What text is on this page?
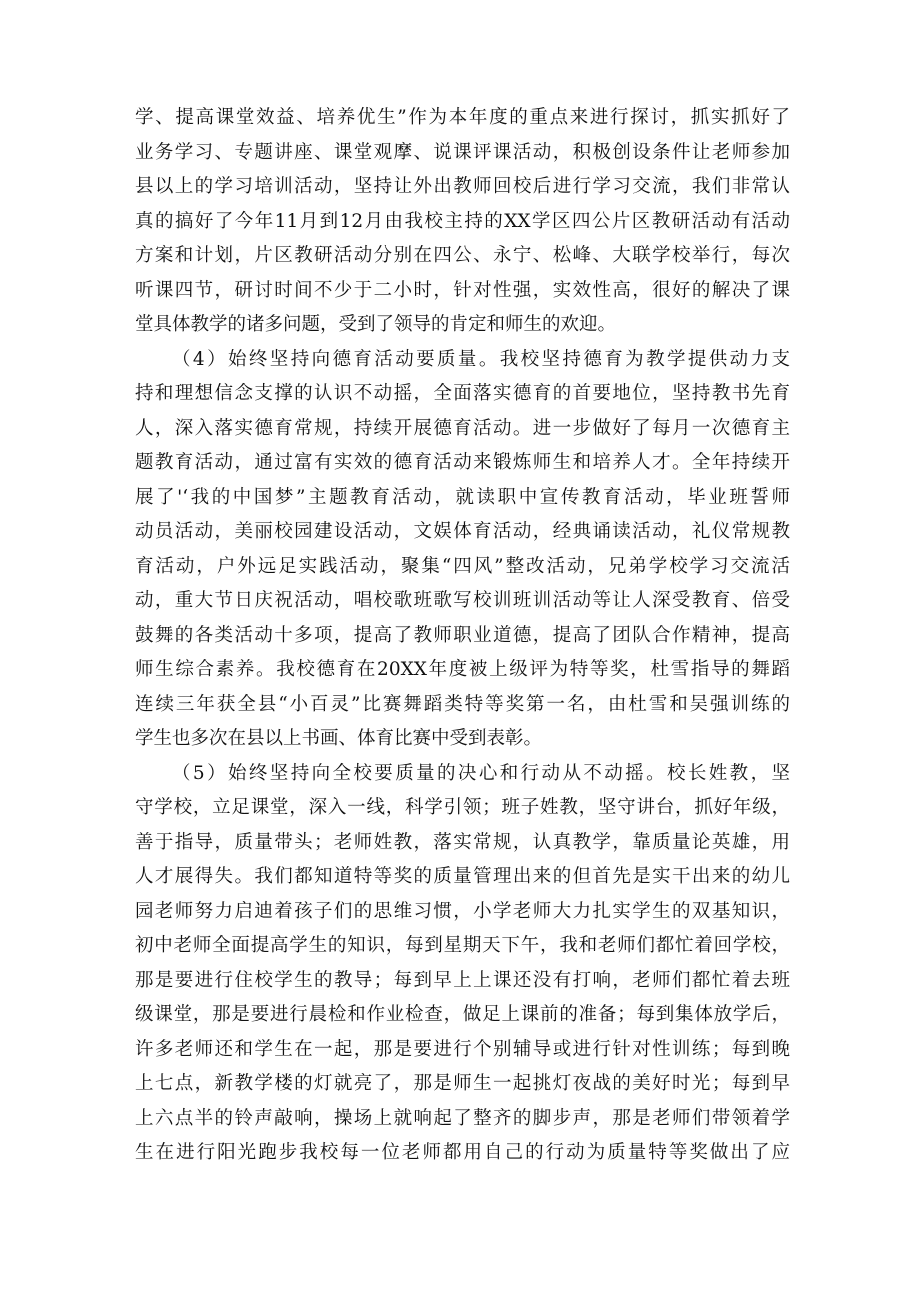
学、提高课堂效益、培养优生”作为本年度的重点来进行探讨，抓实抓好了
业务学习、专题讲座、课堂观摩、说课评课活动，积极创设条件让老师参加
县以上的学习培训活动，坚持让外出教师回校后进行学习交流，我们非常认
真的搞好了今年11月到12月由我校主持的XX学区四公片区教研活动有活动
方案和计划，片区教研活动分别在四公、永宁、松峰、大联学校举行，每次
听课四节，研讨时间不少于二小时，针对性强，实效性高，很好的解决了课
堂具体教学的诸多问题，受到了领导的肯定和师生的欢迎。
（4）始终坚持向德育活动要质量。我校坚持德育为教学提供动力支
持和理想信念支撑的认识不动摇，全面落实德育的首要地位，坚持教书先育
人，深入落实德育常规，持续开展德育活动。进一步做好了每月一次德育主
题教育活动，通过富有实效的德育活动来锻炼师生和培养人才。全年持续开
展了'‘我的中国梦”主题教育活动，就读职中宣传教育活动，毕业班誓师
动员活动，美丽校园建设活动，文娱体育活动，经典诵读活动，礼仪常规教
育活动，户外远足实践活动，聚集“四风”整改活动，兄弟学校学习交流活
动，重大节日庆祝活动，唱校歌班歌写校训班训活动等让人深受教育、倍受
鼓舞的各类活动十多项，提高了教师职业道德，提高了团队合作精神，提高
师生综合素养。我校德育在20XX年度被上级评为特等奖，杜雪指导的舞蹈
连续三年获全县“小百灵”比赛舞蹈类特等奖第一名，由杜雪和吴强训练的
学生也多次在县以上书画、体育比赛中受到表彰。
（5）始终坚持向全校要质量的决心和行动从不动摇。校长姓教，坚
守学校，立足课堂，深入一线，科学引领；班子姓教，坚守讲台，抓好年级，
善于指导，质量带头；老师姓教，落实常规，认真教学，靠质量论英雄，用
人才展得失。我们都知道特等奖的质量管理出来的但首先是实干出来的幼儿
园老师努力启迪着孩子们的思维习惯，小学老师大力扎实学生的双基知识，
初中老师全面提高学生的知识，每到星期天下午，我和老师们都忙着回学校，
那是要进行住校学生的教导；每到早上上课还没有打响，老师们都忙着去班
级课堂，那是要进行晨检和作业检查，做足上课前的准备；每到集体放学后，
许多老师还和学生在一起，那是要进行个别辅导或进行针对性训练；每到晚
上七点，新教学楼的灯就亮了，那是师生一起挑灯夜战的美好时光；每到早
上六点半的铃声敲响，操场上就响起了整齐的脚步声，那是老师们带领着学
生在进行阳光跑步我校每一位老师都用自己的行动为质量特等奖做出了应
